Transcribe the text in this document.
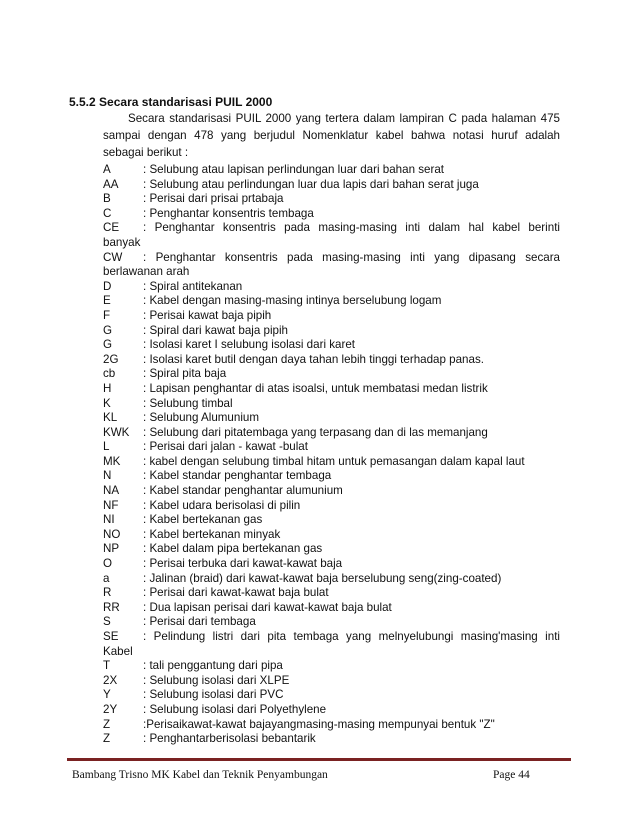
5.5.2 Secara standarisasi PUIL 2000
Secara standarisasi PUIL 2000 yang tertera dalam lampiran C pada halaman 475 sampai dengan 478 yang berjudul Nomenklatur kabel bahwa notasi huruf adalah sebagai berikut :
A	: Selubung atau lapisan perlindungan luar dari bahan serat
AA	: Selubung atau perlindungan luar dua lapis dari bahan serat juga
B	: Perisai dari prisai prtabaja
C	: Penghantar konsentris tembaga
CE : Penghantar konsentris pada masing-masing inti dalam hal kabel berinti
banyak
CW : Penghantar konsentris pada masing-masing inti yang dipasang secara
berlawanan arah
D	: Spiral antitekanan
E	: Kabel dengan masing-masing intinya berselubung logam
F	: Perisai kawat baja pipih
G	: Spiral dari kawat baja pipih
G	: Isolasi karet I selubung isolasi dari karet
2G	: Isolasi karet butil dengan daya tahan lebih tinggi terhadap panas.
cb	: Spiral pita baja
H	: Lapisan penghantar di atas isoalsi, untuk membatasi medan listrik
K	: Selubung timbal
KL	: Selubung Alumunium
KWK	: Selubung dari pitatembaga yang terpasang dan di las memanjang
L	: Perisai dari jalan - kawat -bulat
MK	: kabel dengan selubung timbal hitam untuk pemasangan dalam kapal laut
N	: Kabel standar penghantar tembaga
NA	: Kabel standar penghantar alumunium
NF	: Kabel udara berisolasi di pilin
NI	: Kabel bertekanan gas
NO	: Kabel bertekanan minyak
NP	: Kabel dalam pipa bertekanan gas
O	: Perisai terbuka dari kawat-kawat baja
a	: Jalinan (braid) dari kawat-kawat baja berselubung seng(zing-coated)
R	: Perisai dari kawat-kawat baja bulat
RR	: Dua lapisan perisai dari kawat-kawat baja bulat
S	: Perisai dari tembaga
SE : Pelindung listri dari pita tembaga yang melnyelubungi masing'masing inti
Kabel
T	: tali penggantung dari pipa
2X	: Selubung isolasi dari XLPE
Y	: Selubung isolasi dari PVC
2Y	: Selubung isolasi dari Polyethylene
Z	:Perisaikawat-kawat bajayangmasing-masing mempunyai bentuk "Z"
Z	: Penghantarberisolasi bebantarik
Bambang Trisno MK Kabel dan Teknik Penyambungan	Page 44
